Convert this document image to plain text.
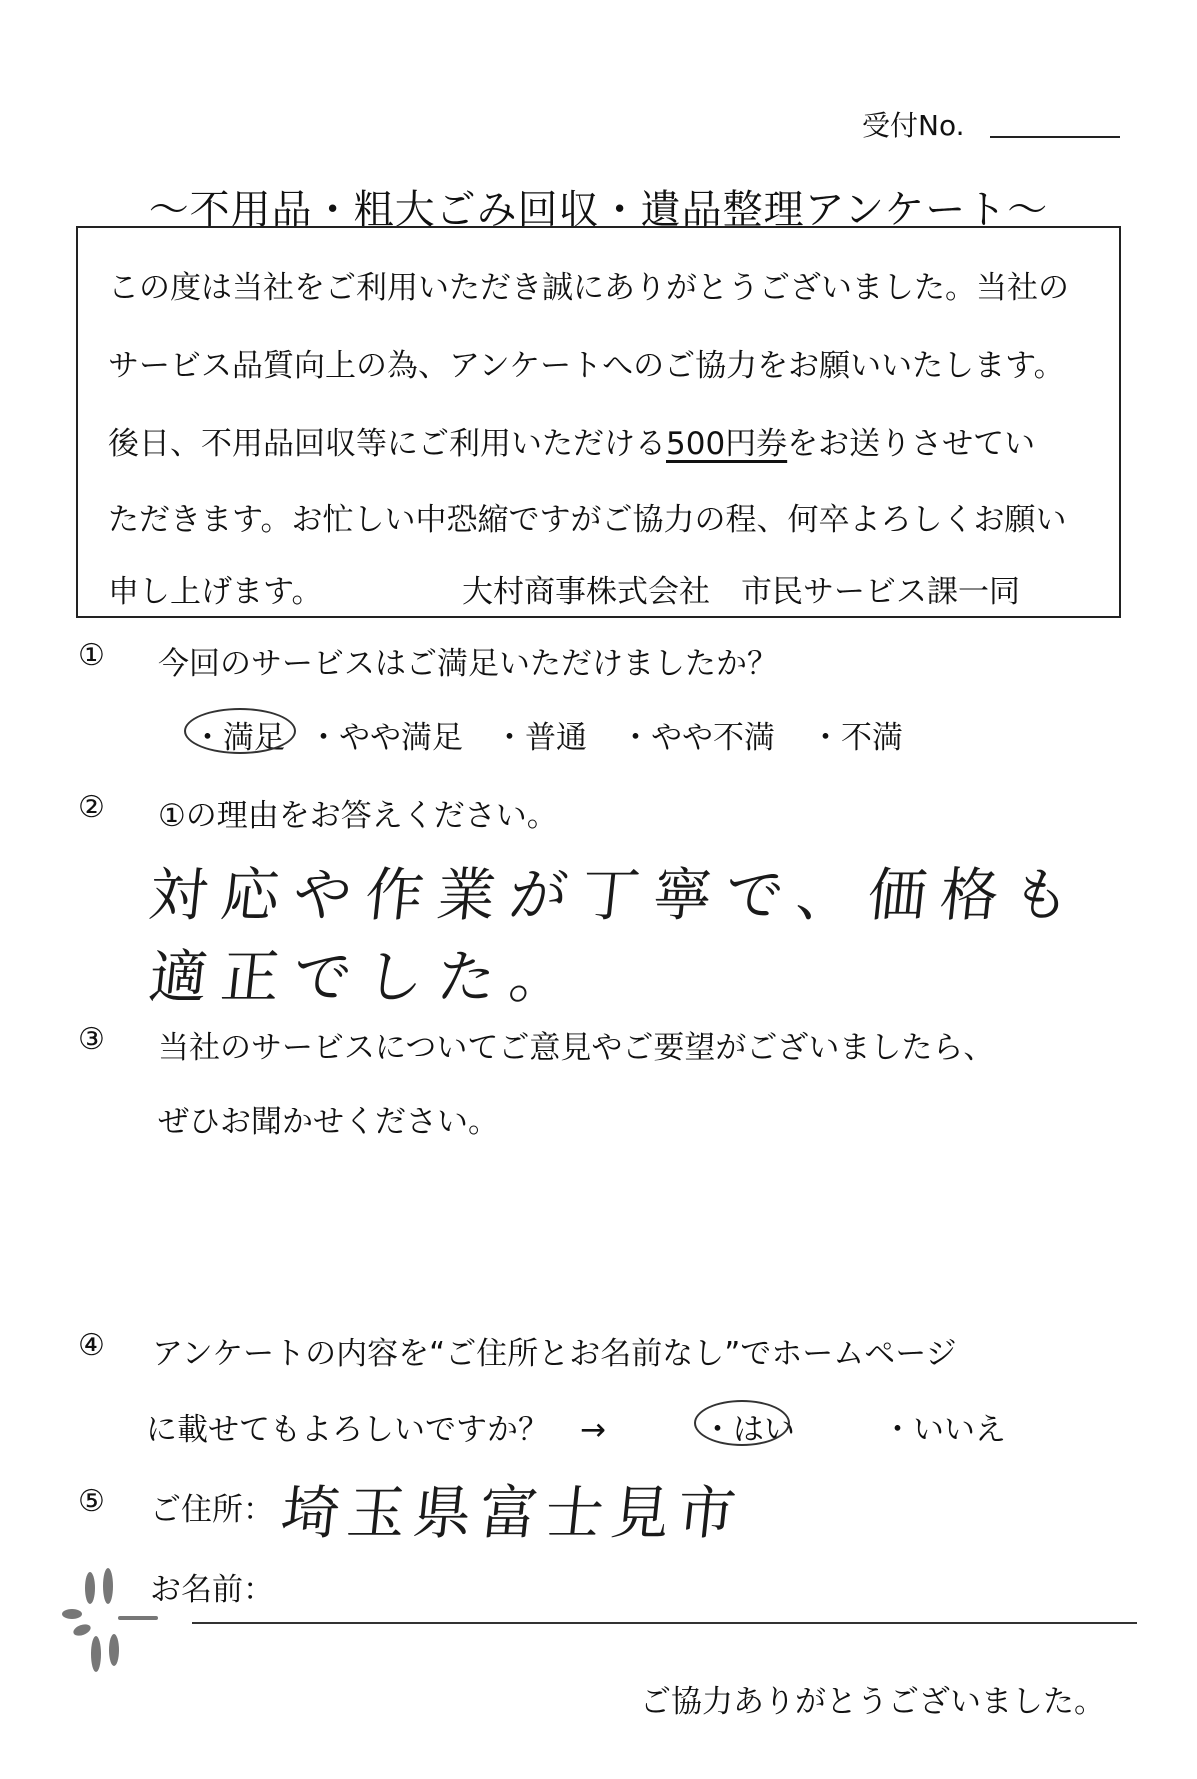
受付No.
～不用品・粗大ごみ回収・遺品整理アンケート～
この度は当社をご利用いただき誠にありがとうございました。当社の
サービス品質向上の為、アンケートへのご協力をお願いいたします。
後日、不用品回収等にご利用いただける500円券をお送りさせてい
ただきます。お忙しい中恐縮ですがご協力の程、何卒よろしくお願い
申し上げます。	大村商事株式会社　市民サービス課一同
① 今回のサービスはご満足いただけましたか？
・満足 ・やや満足 ・普通 ・やや不満 ・不満
② ①の理由をお答えください。
対応や作業が丁寧で、価格も
適正でした。
③ 当社のサービスについてご意見やご要望がございましたら、
ぜひお聞かせください。
④ アンケートの内容を“ご住所とお名前なし”でホームページ
に載せてもよろしいですか？　→	・はい	・いいえ
⑤ ご住所： 埼玉県富士見市
お名前：
ご協力ありがとうございました。
